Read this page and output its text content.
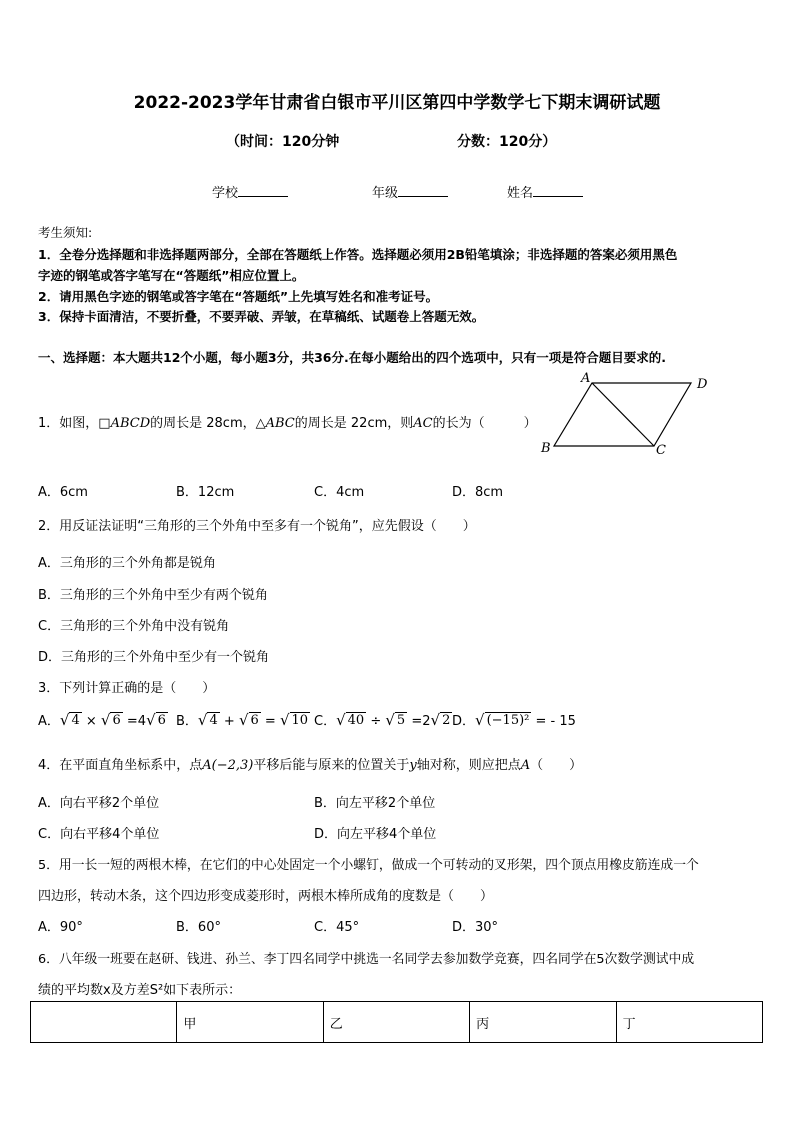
2022-2023学年甘肃省白银市平川区第四中学数学七下期末调研试题
（时间：120分钟	分数：120分）
学校	年级	姓名
考生须知:
1．全卷分选择题和非选择题两部分，全部在答题纸上作答。选择题必须用2B铅笔填涂；非选择题的答案必须用黑色
字迹的钢笔或答字笔写在“答题纸”相应位置上。
2．请用黑色字迹的钢笔或答字笔在“答题纸”上先填写姓名和准考证号。
3．保持卡面清洁，不要折叠，不要弄破、弄皱，在草稿纸、试题卷上答题无效。
一、选择题：本大题共12个小题，每小题3分，共36分.在每小题给出的四个选项中，只有一项是符合题目要求的.
1．如图，□ABCD的周长是 28cm，△ABC的周长是 22cm，则AC的长为（　　　）
A	D
B	C
A．6cm	B．12cm	C．4cm	D．8cm
2．用反证法证明“三角形的三个外角中至多有一个锐角”，应先假设（　　）
A．三角形的三个外角都是锐角
B．三角形的三个外角中至少有两个锐角
C．三角形的三个外角中没有锐角
D．三角形的三个外角中至少有一个锐角
3．下列计算正确的是（　　）
A． √ 4 × √ 6 =4 √ 6 B． √ 4 + √ 6 = √ 10 C． √ 40 ÷ √ 5 =2 √ 2 D． √ (−15)² = - 15
4．在平面直角坐标系中，点A(−2,3)平移后能与原来的位置关于y轴对称，则应把点A（　　）
A．向右平移2个单位	B．向左平移2个单位
C．向右平移4个单位	D．向左平移4个单位
5．用一长一短的两根木棒，在它们的中心处固定一个小螺钉，做成一个可转动的叉形架，四个顶点用橡皮筋连成一个
四边形，转动木条，这个四边形变成菱形时，两根木棒所成角的度数是（　　）
A．90°	B．60°	C．45°	D．30°
6．八年级一班要在赵研、钱进、孙兰、李丁四名同学中挑选一名同学去参加数学竞赛，四名同学在5次数学测试中成
绩的平均数x及方差S²如下表所示：
	甲	乙	丙	丁
